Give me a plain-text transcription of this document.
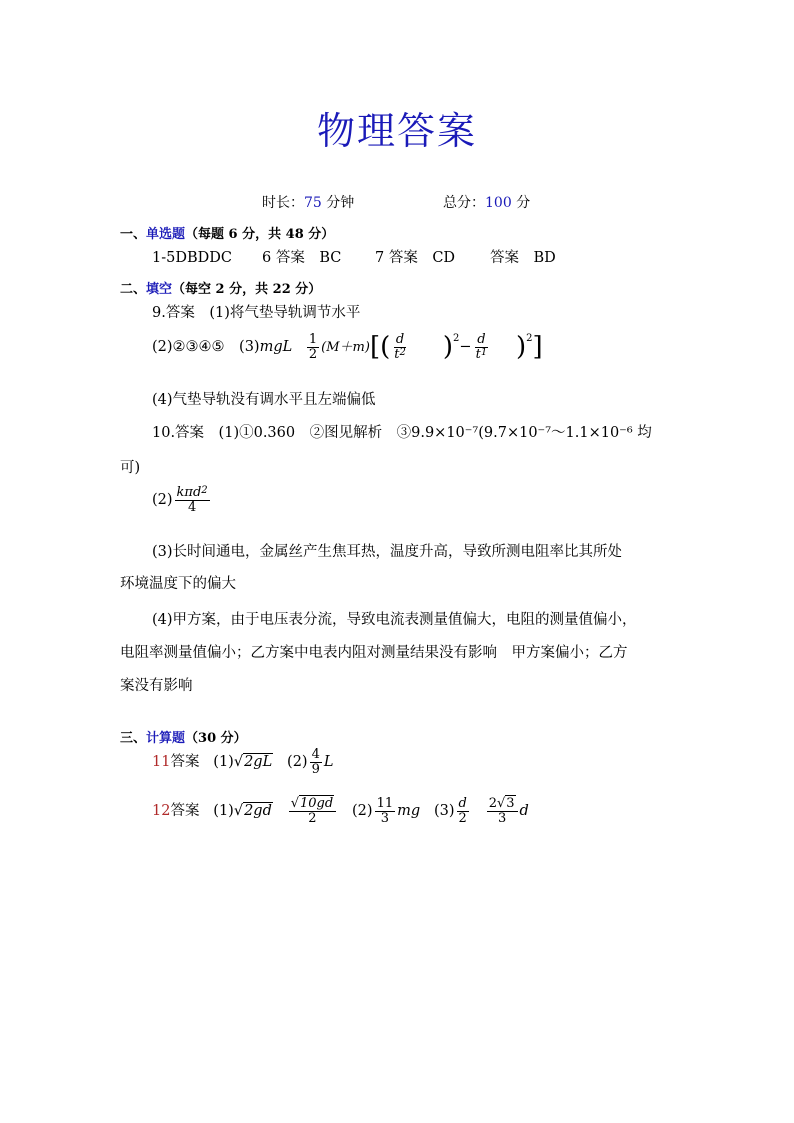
物理答案
时长：75 分钟	总分：100 分
一、单选题（每题 6 分，共 48 分）
1-5DBDDC 6 答案　BC 7 答案　CD 答案　BD
二、填空（每空 2 分，共 22 分）
9.答案　(1)将气垫导轨调节水平
(2)②③④⑤　$(3)mgL \frac{1}{2} (M+m)[( \frac{d}{t^2} )^2- \frac{d}{t^1} )^2$]
(4)气垫导轨没有调水平且左端偏低
10.答案　(1)①0.360　②图见解析　③9.9×10⁻⁷(9.7×10⁻⁷～1.1×10⁻⁶ 均
可)
$(2) \frac{k\pi d^2}{4}$
(3)长时间通电，金属丝产生焦耳热，温度升高，导致所测电阻率比其所处
环境温度下的偏大
(4)甲方案，由于电压表分流，导致电流表测量值偏大，电阻的测量值偏小，
电阻率测量值偏小；乙方案中电表内阻对测量结果没有影响　甲方案偏小；乙方
案没有影响
三、计算题（30 分）
11答案 (1)√2gL $(2) \frac{4}{9}$ L
12答案 $(1)√2gd \frac{√10gd}{2} (2) \frac{11}{3}$ mg $(3) \frac{d}{2}$
$\frac{2√3}{3}$ d
